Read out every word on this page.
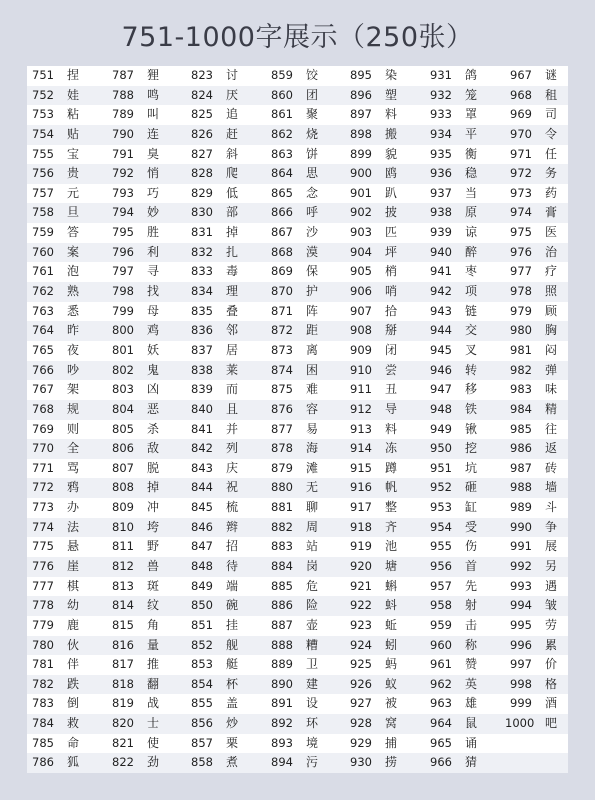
751-1000字展示（250张）
751 捏	787 狸	823 讨	859 饺	895 染	931 鸽	967 谜
752 娃	788 鸣	824 厌	860 团	896 塑	932 笼	968 租
753 粘	789 叫	825 追	861 聚	897 料	933 罩	969 司
754 贴	790 连	826 赶	862 烧	898 搬	934 平	970 令
755 宝	791 臭	827 斜	863 饼	899 貌	935 衡	971 任
756 贵	792 悄	828 爬	864 思	900 鸥	936 稳	972 务
757 元	793 巧	829 低	865 念	901 趴	937 当	973 药
758 旦	794 妙	830 部	866 呼	902 披	938 原	974 膏
759 答	795 胜	831 掉	867 沙	903 匹	939 谅	975 医
760 案	796 利	832 扎	868 漠	904 坪	940 醉	976 治
761 泡	797 寻	833 毒	869 保	905 梢	941 枣	977 疗
762 熟	798 找	834 理	870 护	906 哨	942 项	978 照
763 悉	799 母	835 叠	871 阵	907 拾	943 链	979 顾
764 昨	800 鸡	836 邻	872 距	908 掰	944 交	980 胸
765 夜	801 妖	837 居	873 离	909 闭	945 叉	981 闷
766 吵	802 鬼	838 莱	874 困	910 尝	946 转	982 弹
767 架	803 凶	839 而	875 难	911 丑	947 移	983 味
768 规	804 恶	840 且	876 容	912 导	948 铁	984 精
769 则	805 杀	841 并	877 易	913 料	949 锹	985 往
770 全	806 敌	842 列	878 海	914 冻	950 挖	986 返
771 骂	807 脱	843 庆	879 滩	915 蹲	951 坑	987 砖
772 鸦	808 掉	844 祝	880 无	916 帆	952 砸	988 墙
773 办	809 冲	845 梳	881 聊	917 整	953 缸	989 斗
774 法	810 垮	846 辫	882 周	918 齐	954 受	990 争
775 悬	811 野	847 招	883 站	919 池	955 伤	991 展
776 崖	812 兽	848 待	884 岗	920 塘	956 首	992 另
777 棋	813 斑	849 端	885 危	921 蝌	957 先	993 遇
778 幼	814 纹	850 碗	886 险	922 蚪	958 射	994 皱
779 鹿	815 角	851 挂	887 壶	923 蚯	959 击	995 劳
780 伙	816 量	852 舰	888 糟	924 蚓	960 称	996 累
781 伴	817 推	853 艇	889 卫	925 蚂	961 赞	997 价
782 跌	818 翻	854 杯	890 建	926 蚁	962 英	998 格
783 倒	819 战	855 盖	891 设	927 被	963 雄	999 酒
784 救	820 士	856 炒	892 环	928 窝	964 鼠	1000 吧
785 命	821 使	857 栗	893 境	929 捕	965 诵
786 狐	822 劲	858 煮	894 污	930 捞	966 猜
